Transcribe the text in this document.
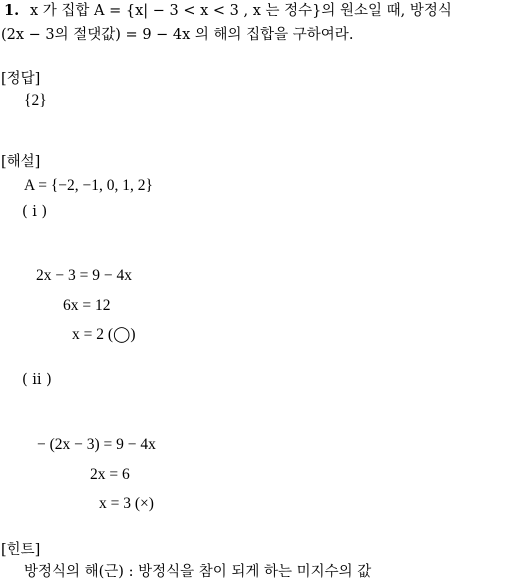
1. x 가 집합 A = {x| − 3 < x < 3 , x 는 정수}의 원소일 때, 방정식
(2x − 3의 절댓값) = 9 − 4x 의 해의 집합을 구하여라.
[정답]
{2}
[해설]
A = {−2, −1, 0, 1, 2}
( i )
2x − 3 = 9 − 4x
6x = 12
x = 2 (◯)
( ii )
− (2x − 3) = 9 − 4x
2x = 6
x = 3 (×)
[힌트]
방정식의 해(근) : 방정식을 참이 되게 하는 미지수의 값
